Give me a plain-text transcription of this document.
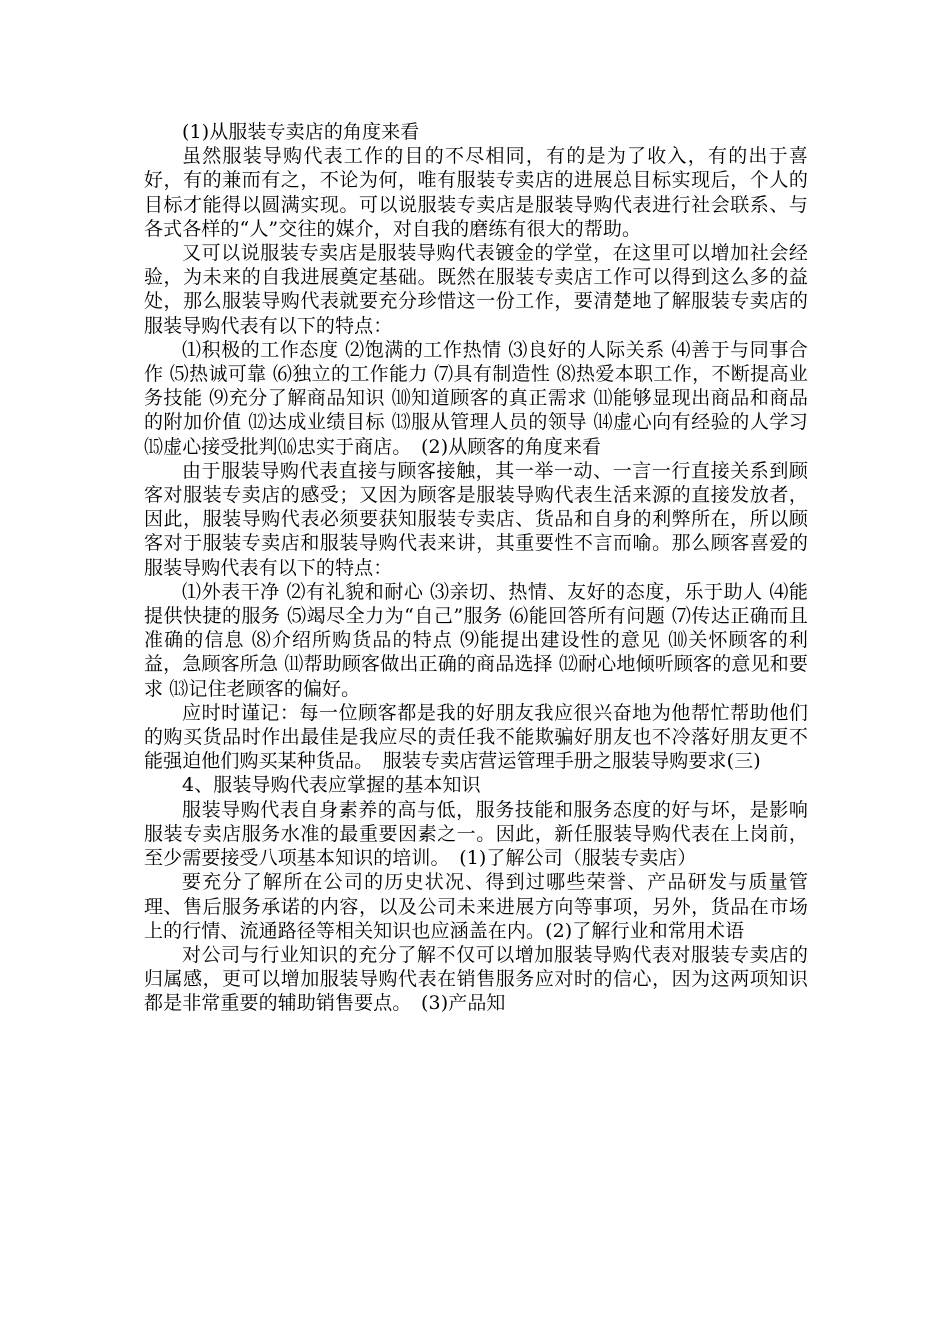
(1)从服装专卖店的角度来看

虽然服装导购代表工作的目的不尽相同，有的是为了收入，有的出于喜好，有的兼而有之，不论为何，唯有服装专卖店的进展总目标实现后，个人的目标才能得以圆满实现。可以说服装专卖店是服装导购代表进行社会联系、与各式各样的“人”交往的媒介，对自我的磨练有很大的帮助。

又可以说服装专卖店是服装导购代表镀金的学堂，在这里可以增加社会经验，为未来的自我进展奠定基础。既然在服装专卖店工作可以得到这么多的益处，那么服装导购代表就要充分珍惜这一份工作，要清楚地了解服装专卖店的服装导购代表有以下的特点：

⑴积极的工作态度 ⑵饱满的工作热情 ⑶良好的人际关系 ⑷善于与同事合作 ⑸热诚可靠 ⑹独立的工作能力 ⑺具有制造性 ⑻热爱本职工作，不断提高业务技能 ⑼充分了解商品知识 ⑽知道顾客的真正需求 ⑾能够显现出商品和商品的附加价值 ⑿达成业绩目标 ⒀服从管理人员的领导 ⒁虚心向有经验的人学习 ⒂虚心接受批判⒃忠实于商店。　(2)从顾客的角度来看

由于服装导购代表直接与顾客接触，其一举一动、一言一行直接关系到顾客对服装专卖店的感受；又因为顾客是服装导购代表生活来源的直接发放者，因此，服装导购代表必须要获知服装专卖店、货品和自身的利弊所在，所以顾客对于服装专卖店和服装导购代表来讲，其重要性不言而喻。那么顾客喜爱的服装导购代表有以下的特点：

⑴外表干净 ⑵有礼貌和耐心 ⑶亲切、热情、友好的态度，乐于助人 ⑷能提供快捷的服务 ⑸竭尽全力为“自己”服务 ⑹能回答所有问题 ⑺传达正确而且准确的信息 ⑻介绍所购货品的特点 ⑼能提出建设性的意见 ⑽关怀顾客的利益，急顾客所急 ⑾帮助顾客做出正确的商品选择 ⑿耐心地倾听顾客的意见和要求 ⒀记住老顾客的偏好。

应时时谨记：每一位顾客都是我的好朋友我应很兴奋地为他帮忙帮助他们的购买货品时作出最佳是我应尽的责任我不能欺骗好朋友也不冷落好朋友更不能强迫他们购买某种货品。　服装专卖店营运管理手册之服装导购要求(三)

4、服装导购代表应掌握的基本知识

服装导购代表自身素养的高与低，服务技能和服务态度的好与坏，是影响服装专卖店服务水准的最重要因素之一。因此，新任服装导购代表在上岗前，至少需要接受八项基本知识的培训。　(1)了解公司（服装专卖店）

要充分了解所在公司的历史状况、得到过哪些荣誉、产品研发与质量管理、售后服务承诺的内容，以及公司未来进展方向等事项，另外，货品在市场上的行情、流通路径等相关知识也应涵盖在内。(2)了解行业和常用术语

对公司与行业知识的充分了解不仅可以增加服装导购代表对服装专卖店的归属感，更可以增加服装导购代表在销售服务应对时的信心，因为这两项知识都是非常重要的辅助销售要点。　(3)产品知
